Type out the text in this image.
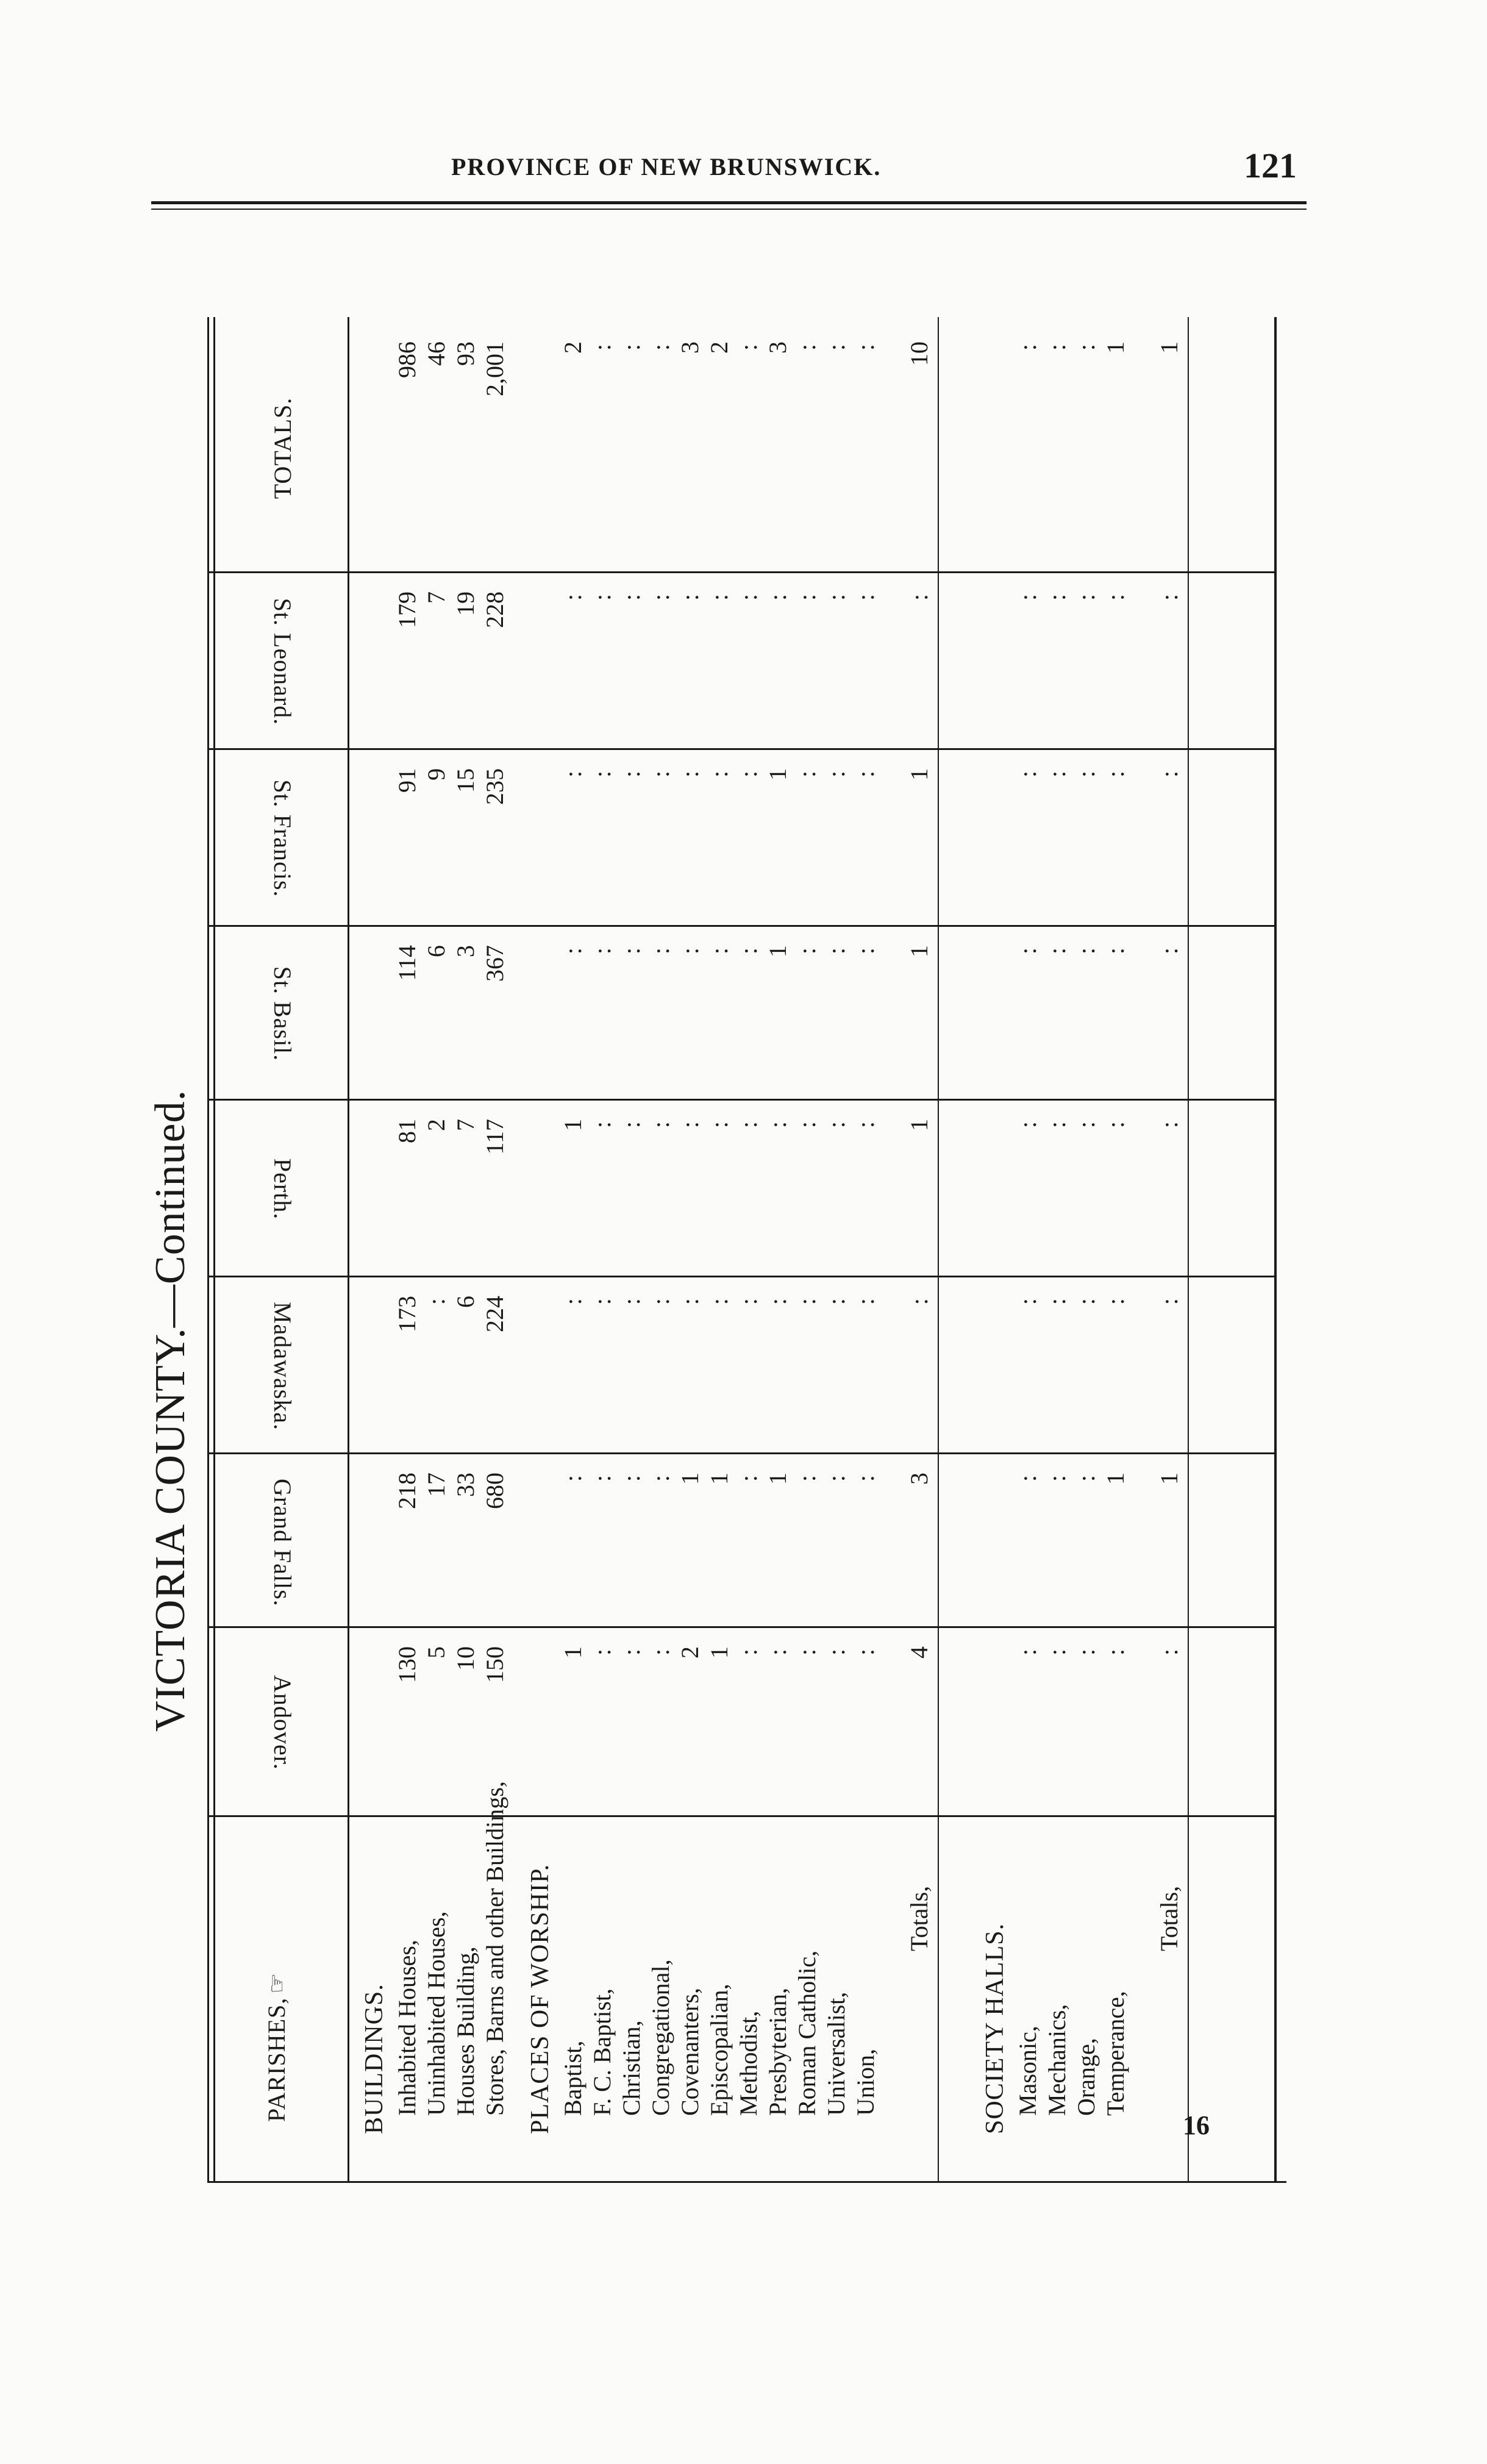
PROVINCE OF NEW BRUNSWICK.	121
VICTORIA COUNTY.—Continued.
PARISHES,☞
Andover.
Grand Falls.
Madawaska.
Perth.
St. Basil.
St. Francis.
St. Leonard.
TOTALS.
BUILDINGS. Inhabited Houses,
130
218
173
81
114
91
179
986
Uninhabited Houses,
5
17
:
2
6
9
7
46
Houses Building,
10
33
6
7
3
15
19
93
Stores, Barns and other Buildings,
150
680
224
117
367
235
228
2,001
PLACES OF WORSHIP. Baptist,
1
:
:
1
:
:
:
2
F. C. Baptist,
:
:
:
:
:
:
:
:
Christian,
:
:
:
:
:
:
:
:
Congregational,
:
:
:
:
:
:
:
:
Covenanters,
2
1
:
:
:
:
:
3
Episcopalian,
1
1
:
:
:
:
:
2
Methodist,
:
:
:
:
:
:
:
:
Presbyterian,
:
1
:
:
1
1
:
3
Roman Catholic,
:
:
:
:
:
:
:
:
Universalist,
:
:
:
:
:
:
:
:
Union,
:
:
:
:
:
:
:
:
Totals,
4
3
:
1
1
1
:
10
SOCIETY HALLS. Masonic,
:
:
:
:
:
:
:
:
Mechanics,
:
:
:
:
:
:
:
:
Orange,
:
:
:
:
:
:
:
:
Temperance,
:
1
:
:
:
:
:
1
Totals,
:
1
:
:
:
:
:
1
16
